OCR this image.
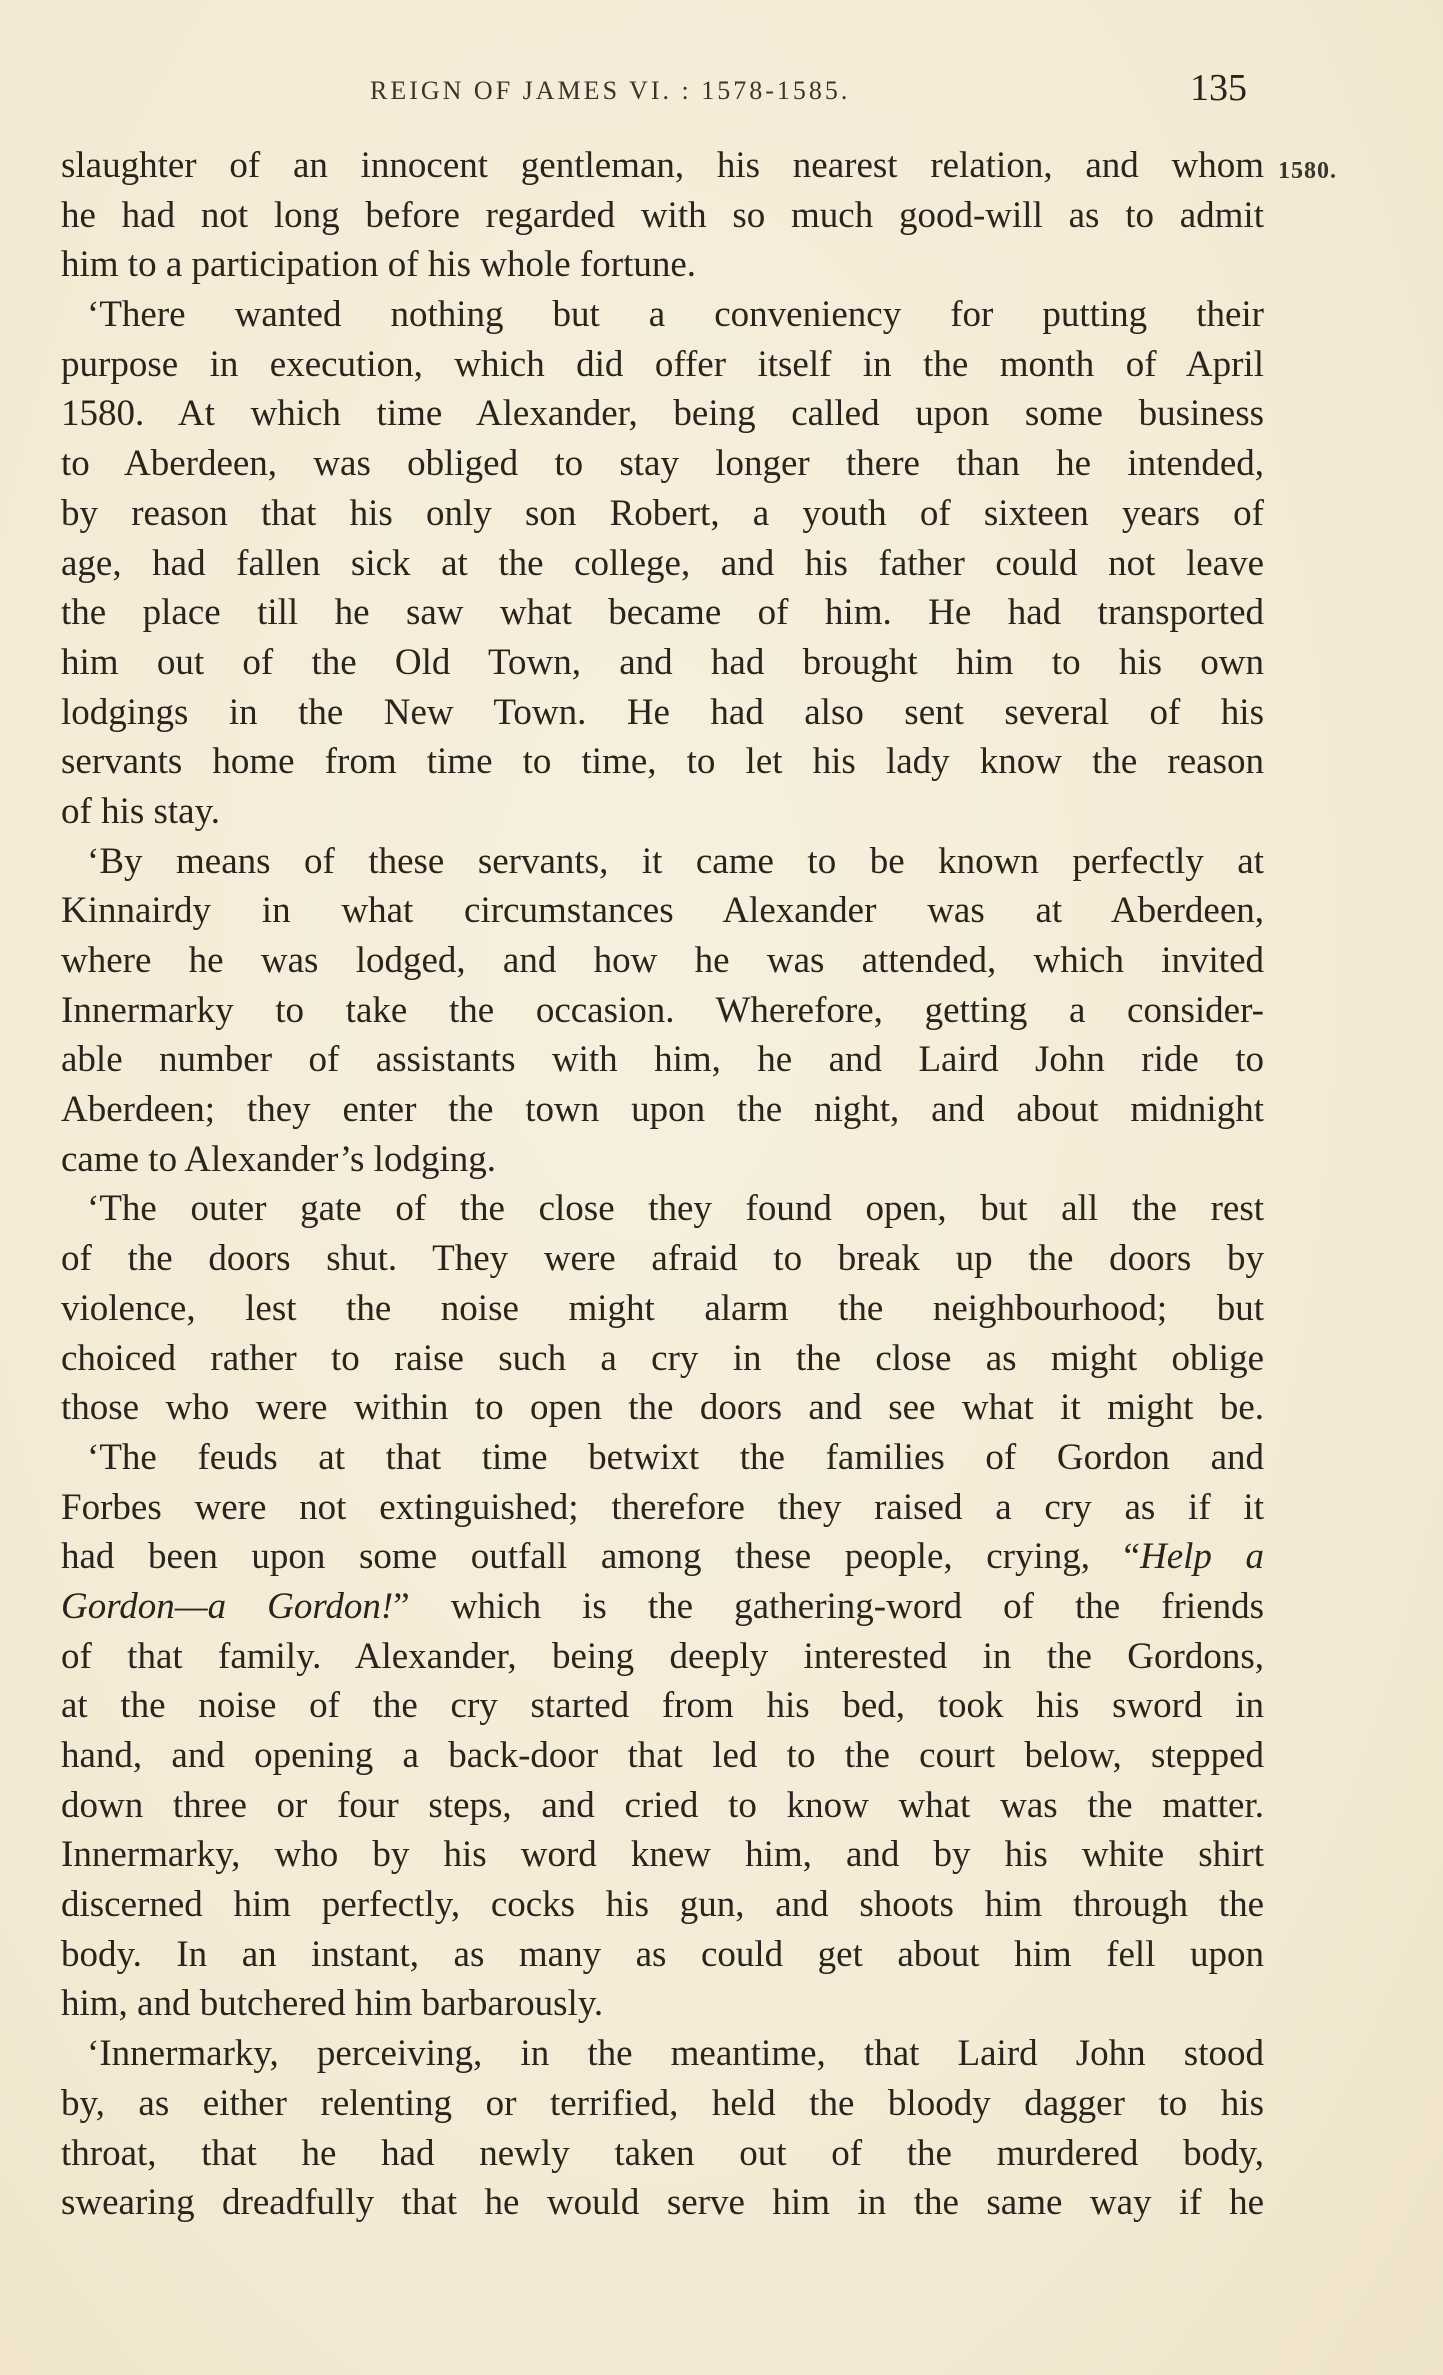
REIGN OF JAMES VI. : 1578-1585.	135
1580.
slaughter of an innocent gentleman, his nearest relation, and whom
he had not long before regarded with so much good-will as to admit
him to a participation of his whole fortune.
‘There wanted nothing but a conveniency for putting their
purpose in execution, which did offer itself in the month of April
1580. At which time Alexander, being called upon some business
to Aberdeen, was obliged to stay longer there than he intended,
by reason that his only son Robert, a youth of sixteen years of
age, had fallen sick at the college, and his father could not leave
the place till he saw what became of him. He had transported
him out of the Old Town, and had brought him to his own
lodgings in the New Town. He had also sent several of his
servants home from time to time, to let his lady know the reason
of his stay.
‘By means of these servants, it came to be known perfectly at
Kinnairdy in what circumstances Alexander was at Aberdeen,
where he was lodged, and how he was attended, which invited
Innermarky to take the occasion. Wherefore, getting a consider-
able number of assistants with him, he and Laird John ride to
Aberdeen; they enter the town upon the night, and about midnight
came to Alexander’s lodging.
‘The outer gate of the close they found open, but all the rest
of the doors shut. They were afraid to break up the doors by
violence, lest the noise might alarm the neighbourhood; but
choiced rather to raise such a cry in the close as might oblige
those who were within to open the doors and see what it might be.
‘The feuds at that time betwixt the families of Gordon and
Forbes were not extinguished; therefore they raised a cry as if it
had been upon some outfall among these people, crying, “Help a
Gordon—a Gordon!” which is the gathering-word of the friends
of that family. Alexander, being deeply interested in the Gordons,
at the noise of the cry started from his bed, took his sword in
hand, and opening a back-door that led to the court below, stepped
down three or four steps, and cried to know what was the matter.
Innermarky, who by his word knew him, and by his white shirt
discerned him perfectly, cocks his gun, and shoots him through the
body. In an instant, as many as could get about him fell upon
him, and butchered him barbarously.
‘Innermarky, perceiving, in the meantime, that Laird John stood
by, as either relenting or terrified, held the bloody dagger to his
throat, that he had newly taken out of the murdered body,
swearing dreadfully that he would serve him in the same way if he
